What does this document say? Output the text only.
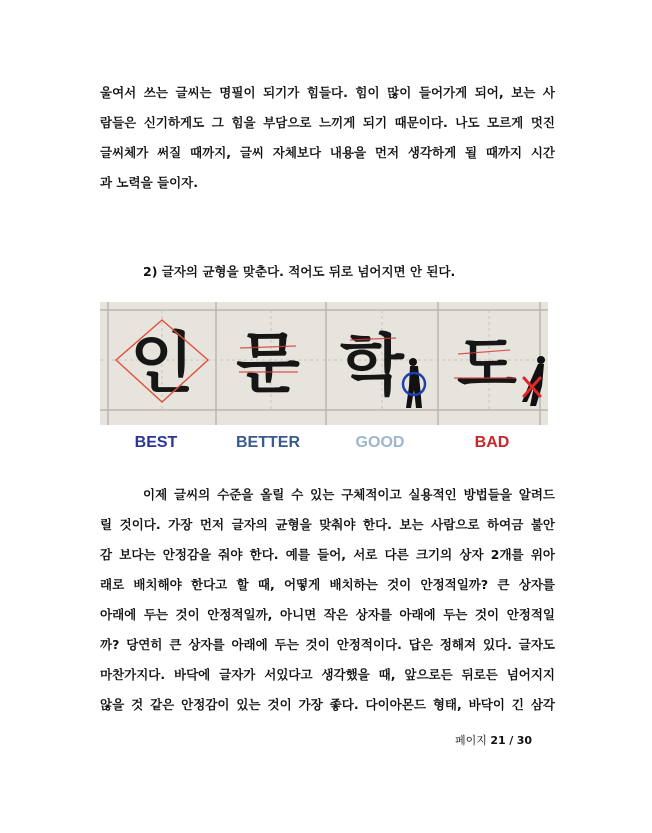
울여서 쓰는 글씨는 명필이 되기가 힘들다. 힘이 많이 들어가게 되어, 보는 사
람들은 신기하게도 그 힘을 부담으로 느끼게 되기 때문이다. 나도 모르게 멋진
글씨체가 써질 때까지, 글씨 자체보다 내용을 먼저 생각하게 될 때까지 시간
과 노력을 들이자.
2) 글자의 균형을 맞춘다. 적어도 뒤로 넘어지면 안 된다.
인 문 학 도
BEST	BETTER	GOOD	BAD
이제 글씨의 수준을 올릴 수 있는 구체적이고 실용적인 방법들을 알려드
릴 것이다. 가장 먼저 글자의 균형을 맞춰야 한다. 보는 사람으로 하여금 불안
감 보다는 안정감을 줘야 한다. 예를 들어, 서로 다른 크기의 상자 2개를 위아
래로 배치해야 한다고 할 때, 어떻게 배치하는 것이 안정적일까? 큰 상자를
아래에 두는 것이 안정적일까, 아니면 작은 상자를 아래에 두는 것이 안정적일
까? 당연히 큰 상자를 아래에 두는 것이 안정적이다. 답은 정해져 있다. 글자도
마찬가지다. 바닥에 글자가 서있다고 생각했을 때, 앞으로든 뒤로든 넘어지지
않을 것 같은 안정감이 있는 것이 가장 좋다. 다이아몬드 형태, 바닥이 긴 삼각
페이지 21 / 30
